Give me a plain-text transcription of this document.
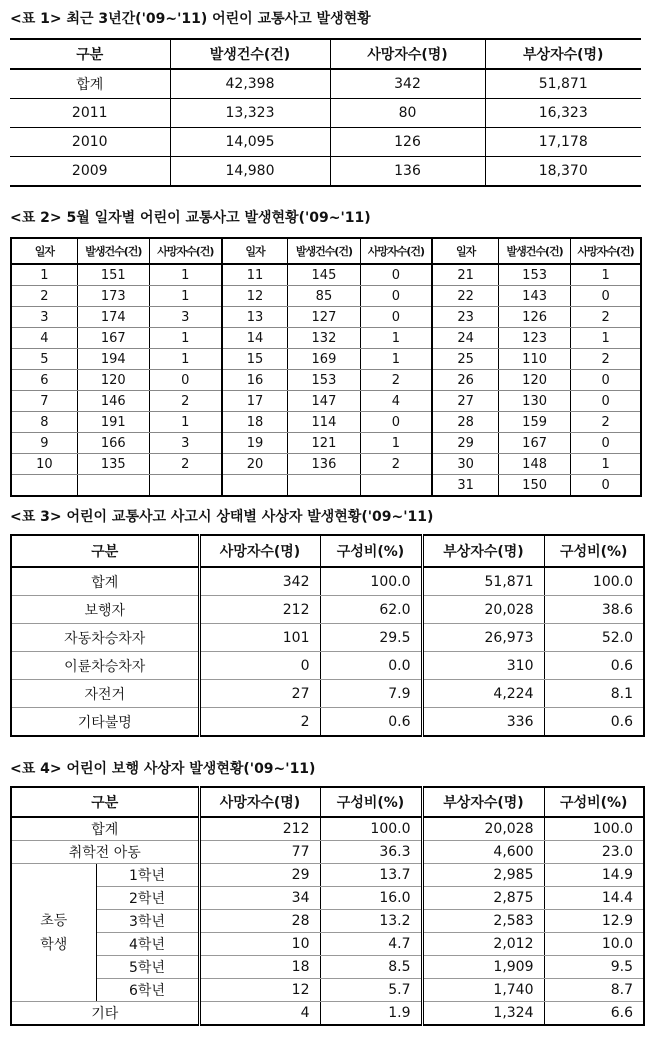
<표 1> 최근 3년간('09~'11) 어린이 교통사고 발생현황
구분	발생건수(건)	사망자수(명)	부상자수(명)
합계	42,398	342	51,871
2011	13,323	80	16,323
2010	14,095	126	17,178
2009	14,980	136	18,370
<표 2> 5월 일자별 어린이 교통사고 발생현황('09~'11)
일자	발생건수(건)	사망자수(건)	일자	발생건수(건)	사망자수(건)	일자	발생건수(건)	사망자수(건)
1	151	1	11	145	0	21	153	1
2	173	1	12	85	0	22	143	0
3	174	3	13	127	0	23	126	2
4	167	1	14	132	1	24	123	1
5	194	1	15	169	1	25	110	2
6	120	0	16	153	2	26	120	0
7	146	2	17	147	4	27	130	0
8	191	1	18	114	0	28	159	2
9	166	3	19	121	1	29	167	0
10	135	2	20	136	2	30	148	1
						31	150	0
<표 3> 어린이 교통사고 사고시 상태별 사상자 발생현황('09~'11)
구분	사망자수(명)	구성비(%)	부상자수(명)	구성비(%)
합계	342	100.0	51,871	100.0
보행자	212	62.0	20,028	38.6
자동차승차자	101	29.5	26,973	52.0
이륜차승차자	0	0.0	310	0.6
자전거	27	7.9	4,224	8.1
기타불명	2	0.6	336	0.6
<표 4> 어린이 보행 사상자 발생현황('09~'11)
구분		사망자수(명)	구성비(%)	부상자수(명)	구성비(%)
합계		212	100.0	20,028	100.0
취학전 아동		77	36.3	4,600	23.0

초등
학생	1학년	29	13.7	2,985	14.9
	2학년	34	16.0	2,875	14.4
	3학년	28	13.2	2,583	12.9
	4학년	10	4.7	2,012	10.0
	5학년	18	8.5	1,909	9.5
	6학년	12	5.7	1,740	8.7
기타		4	1.9	1,324	6.6
